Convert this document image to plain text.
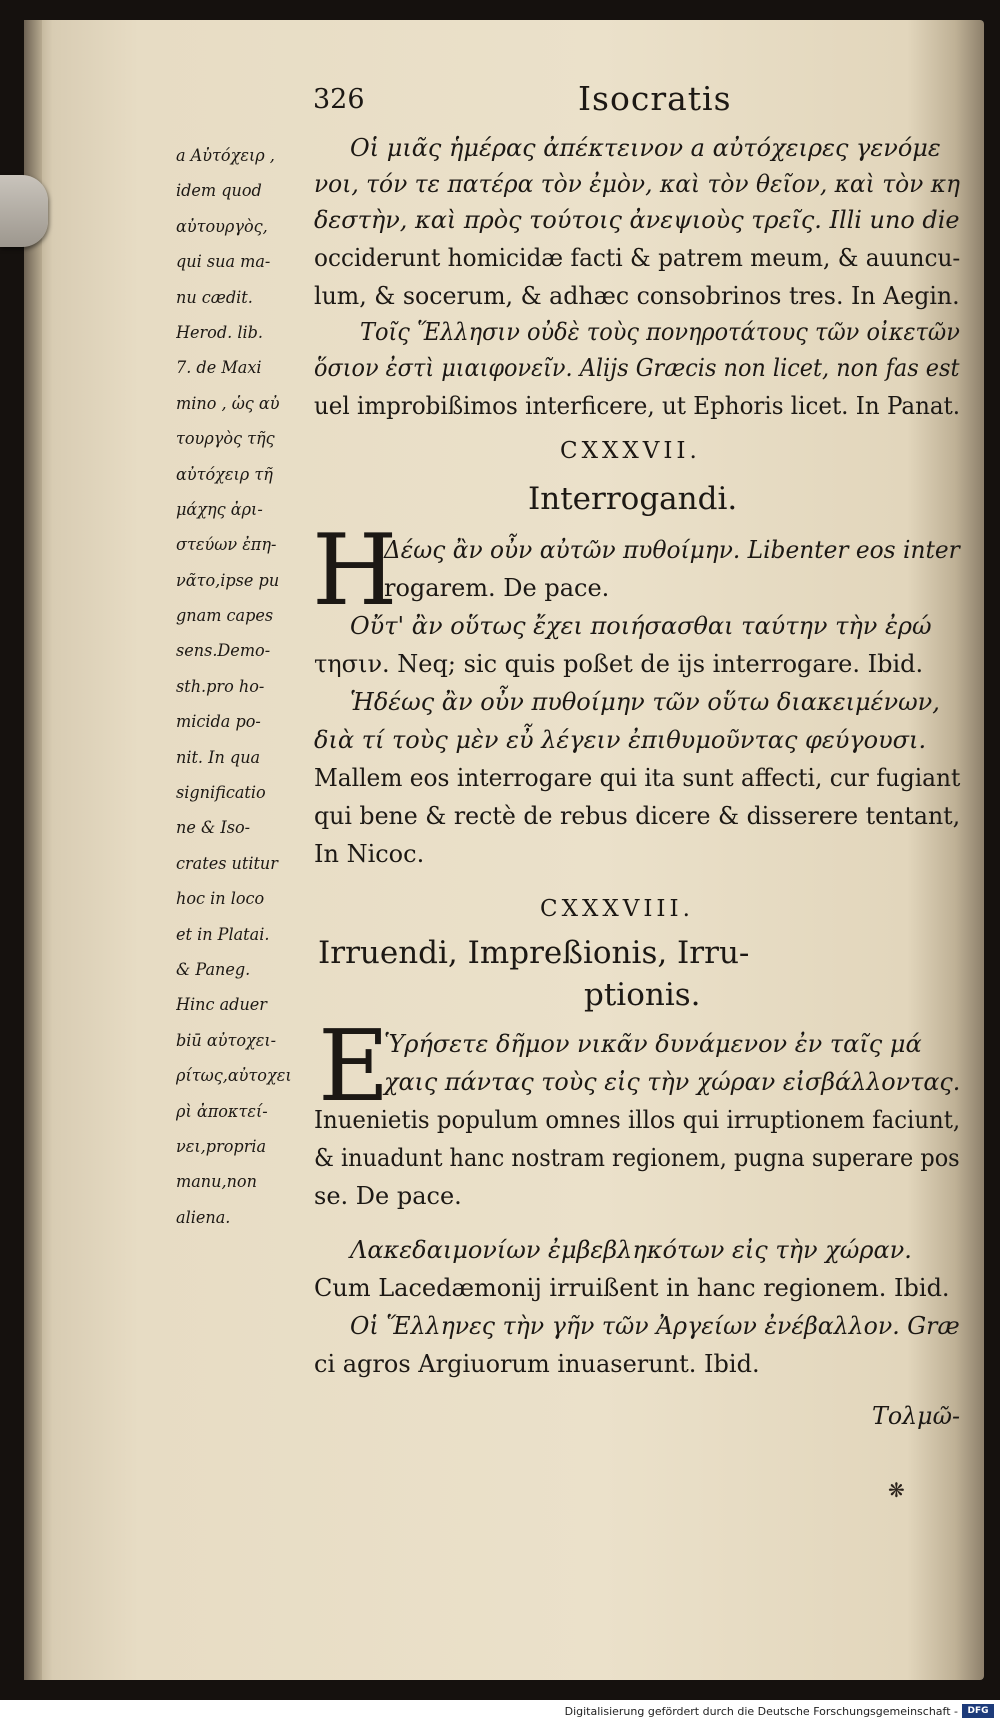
326	Isocratis
a Αὐτόχειρ ,
idem quod
αὐτουργὸς,
qui sua ma-
nu cædit.
Herod. lib.
7. de Maxi
mino , ὡς αὐ
τουργὸς τῆς
αὐτόχειρ τῆ
μάχης ἀρι-
στεύων ἐπη-
νᾶτο,ipse pu
gnam capes
sens.Demo-
sth.pro ho-
micida po-
nit. In qua
significatio
ne & Iso-
crates utitur
hoc in loco
et in Platai.
& Paneg.
Hinc aduer
biū αὐτοχει-
ρίτως,αὐτοχει
ρὶ ἀποκτεί-
νει,propria
manu,non
aliena.
Οἱ μιᾶς ἡμέρας ἀπέκτεινον a αὐτόχειρες γενόμε
νοι, τόν τε πατέρα τὸν ἐμὸν, καὶ τὸν θεῖον, καὶ τὸν κη
δεστὴν, καὶ πρὸς τούτοις ἀνεψιοὺς τρεῖς. Illi uno die
occiderunt homicidæ facti & patrem meum, & auuncu-
lum, & socerum, & adhæc consobrinos tres. In Aegin.
Τοῖς Ἕλλησιν οὐδὲ τοὺς πονηροτάτους τῶν οἰκετῶν
ὅσιον ἐστὶ μιαιφονεῖν. Alijs Græcis non licet, non fas est
uel improbißimos interficere, ut Ephoris licet. In Panat.
CXXXVII.
Interrogandi.
H
Δέως ἂν οὖν αὐτῶν πυθοίμην. Libenter eos inter
rogarem. De pace.
Οὔτ' ἂν οὕτως ἔχει ποιήσασθαι ταύτην τὴν ἐρώ
τησιν. Neq; sic quis poßet de ijs interrogare. Ibid.
Ἡδέως ἂν οὖν πυθοίμην τῶν οὕτω διακειμένων,
διὰ τί τοὺς μὲν εὖ λέγειν ἐπιθυμοῦντας φεύγουσι.
Mallem eos interrogare qui ita sunt affecti, cur fugiant
qui bene & rectè de rebus dicere & disserere tentant,
In Nicoc.
CXXXVIII.
Irruendi, Impreßionis, Irru-
ptionis.
E
Ὑρήσετε δῆμον νικᾶν δυνάμενον ἐν ταῖς μά
χαις πάντας τοὺς εἰς τὴν χώραν εἰσβάλλοντας.
Inuenietis populum omnes illos qui irruptionem faciunt,
& inuadunt hanc nostram regionem, pugna superare pos
se. De pace.
Λακεδαιμονίων ἐμβεβληκότων εἰς τὴν χώραν.
Cum Lacedæmonij irruißent in hanc regionem. Ibid.
Οἱ Ἕλληνες τὴν γῆν τῶν Ἀργείων ἐνέβαλλον. Græ
ci agros Argiuorum inuaserunt. Ibid.
Τολμῶ-
❋
Digitalisierung gefördert durch die Deutsche Forschungsgemeinschaft -	DFG
